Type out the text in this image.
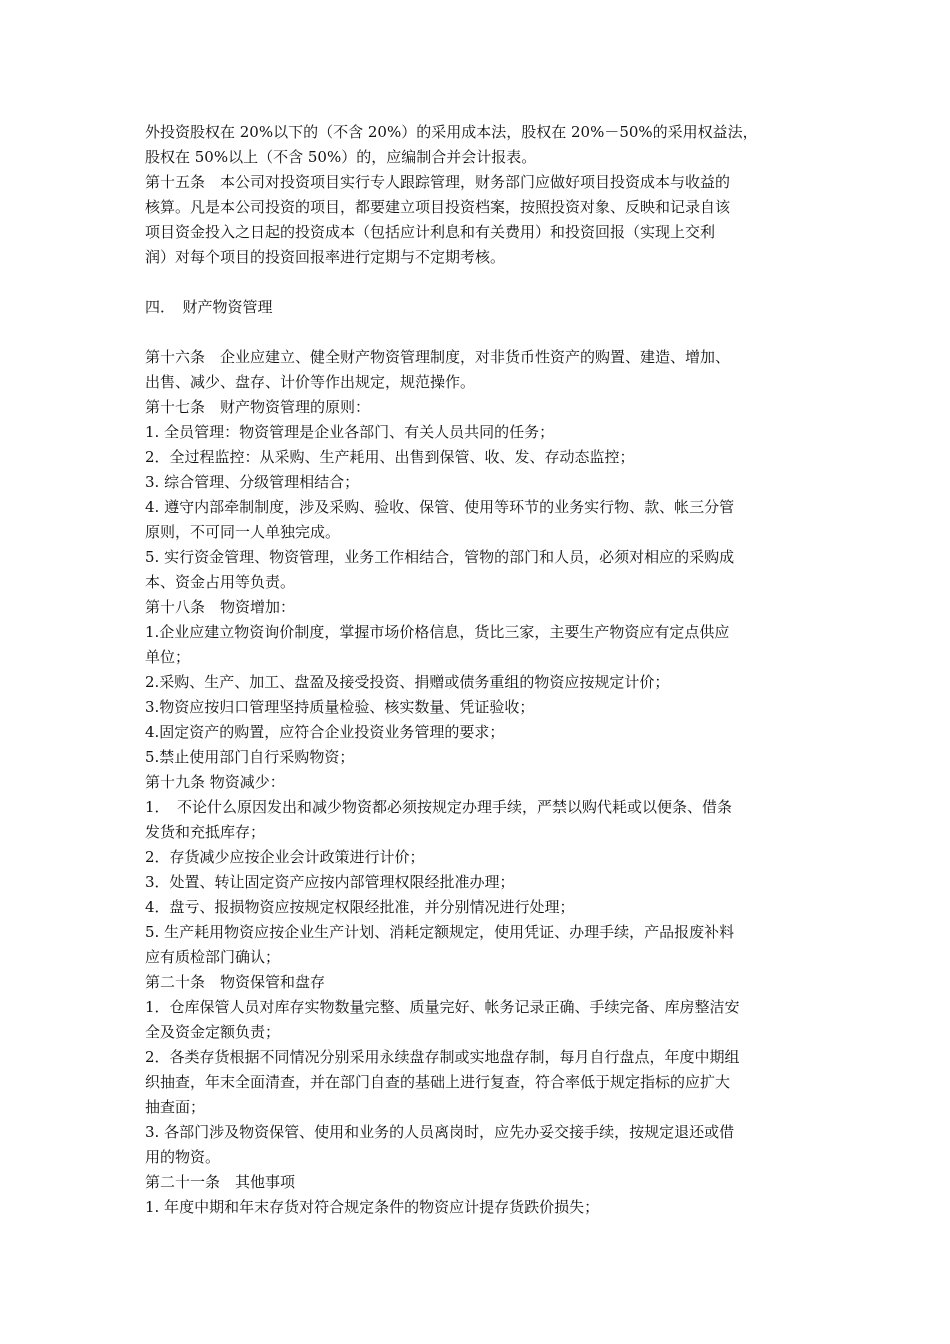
外投资股权在 20%以下的（不含 20%）的采用成本法，股权在 20%－50%的采用权益法，
股权在 50%以上（不含 50%）的，应编制合并会计报表。
第十五条　本公司对投资项目实行专人跟踪管理，财务部门应做好项目投资成本与收益的
核算。凡是本公司投资的项目，都要建立项目投资档案，按照投资对象、反映和记录自该
项目资金投入之日起的投资成本（包括应计利息和有关费用）和投资回报（实现上交利
润）对每个项目的投资回报率进行定期与不定期考核。
四．　财产物资管理
第十六条　企业应建立、健全财产物资管理制度，对非货币性资产的购置、建造、增加、
出售、减少、盘存、计价等作出规定，规范操作。
第十七条　财产物资管理的原则：
1. 全员管理：物资管理是企业各部门、有关人员共同的任务；
2．全过程监控：从采购、生产耗用、出售到保管、收、发、存动态监控；
3. 综合管理、分级管理相结合；
4. 遵守内部牵制制度，涉及采购、验收、保管、使用等环节的业务实行物、款、帐三分管
原则，不可同一人单独完成。
5. 实行资金管理、物资管理，业务工作相结合，管物的部门和人员，必须对相应的采购成
本、资金占用等负责。
第十八条　物资增加：
1.企业应建立物资询价制度，掌握市场价格信息，货比三家，主要生产物资应有定点供应
单位；
2.采购、生产、加工、盘盈及接受投资、捐赠或债务重组的物资应按规定计价；
3.物资应按归口管理坚持质量检验、核实数量、凭证验收；
4.固定资产的购置，应符合企业投资业务管理的要求；
5.禁止使用部门自行采购物资；
第十九条 物资减少：
1．　不论什么原因发出和减少物资都必须按规定办理手续，严禁以购代耗或以便条、借条
发货和充抵库存；
2．存货减少应按企业会计政策进行计价；
3．处置、转让固定资产应按内部管理权限经批准办理；
4．盘亏、报损物资应按规定权限经批准，并分别情况进行处理；
5. 生产耗用物资应按企业生产计划、消耗定额规定，使用凭证、办理手续，产品报废补料
应有质检部门确认；
第二十条　物资保管和盘存
1．仓库保管人员对库存实物数量完整、质量完好、帐务记录正确、手续完备、库房整洁安
全及资金定额负责；
2．各类存货根据不同情况分别采用永续盘存制或实地盘存制，每月自行盘点，年度中期组
织抽查，年末全面清查，并在部门自查的基础上进行复查，符合率低于规定指标的应扩大
抽查面；
3. 各部门涉及物资保管、使用和业务的人员离岗时，应先办妥交接手续，按规定退还或借
用的物资。
第二十一条　其他事项
1. 年度中期和年末存货对符合规定条件的物资应计提存货跌价损失；
